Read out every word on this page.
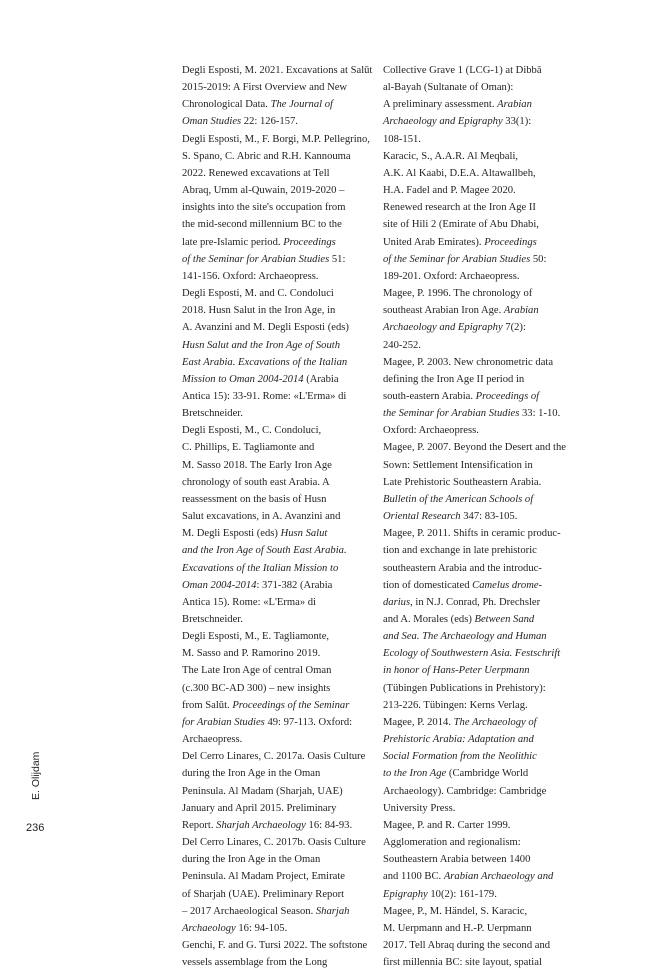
Degli Esposti, M. 2021. Excavations at Salūt
2015-2019: A First Overview and New
Chronological Data. The Journal of
Oman Studies 22: 126-157.
Degli Esposti, M., F. Borgi, M.P. Pellegrino,
S. Spano, C. Abric and R.H. Kannouma
2022. Renewed excavations at Tell
Abraq, Umm al-Quwain, 2019-2020 –
insights into the site's occupation from
the mid-second millennium BC to the
late pre-Islamic period. Proceedings
of the Seminar for Arabian Studies 51:
141-156. Oxford: Archaeopress.
Degli Esposti, M. and C. Condoluci
2018. Husn Salut in the Iron Age, in
A. Avanzini and M. Degli Esposti (eds)
Husn Salut and the Iron Age of South
East Arabia. Excavations of the Italian
Mission to Oman 2004-2014 (Arabia
Antica 15): 33-91. Rome: «L'Erma» di
Bretschneider.
Degli Esposti, M., C. Condoluci,
C. Phillips, E. Tagliamonte and
M. Sasso 2018. The Early Iron Age
chronology of south east Arabia. A
reassessment on the basis of Husn
Salut excavations, in A. Avanzini and
M. Degli Esposti (eds) Husn Salut
and the Iron Age of South East Arabia.
Excavations of the Italian Mission to
Oman 2004-2014: 371-382 (Arabia
Antica 15). Rome: «L'Erma» di
Bretschneider.
Degli Esposti, M., E. Tagliamonte,
M. Sasso and P. Ramorino 2019.
The Late Iron Age of central Oman
(c.300 BC-AD 300) – new insights
from Salūt. Proceedings of the Seminar
for Arabian Studies 49: 97-113. Oxford:
Archaeopress.
Del Cerro Linares, C. 2017a. Oasis Culture
during the Iron Age in the Oman
Peninsula. Al Madam (Sharjah, UAE)
January and April 2015. Preliminary
Report. Sharjah Archaeology 16: 84-93.
Del Cerro Linares, C. 2017b. Oasis Culture
during the Iron Age in the Oman
Peninsula. Al Madam Project, Emirate
of Sharjah (UAE). Preliminary Report
– 2017 Archaeological Season. Sharjah
Archaeology 16: 94-105.
Genchi, F. and G. Tursi 2022. The softstone
vessels assemblage from the Long
Collective Grave 1 (LCG-1) at Dibbā
al-Bayah (Sultanate of Oman):
A preliminary assessment. Arabian
Archaeology and Epigraphy 33(1):
108-151.
Karacic, S., A.A.R. Al Meqbali,
A.K. Al Kaabi, D.E.A. Altawallbeh,
H.A. Fadel and P. Magee 2020.
Renewed research at the Iron Age II
site of Hili 2 (Emirate of Abu Dhabi,
United Arab Emirates). Proceedings
of the Seminar for Arabian Studies 50:
189-201. Oxford: Archaeopress.
Magee, P. 1996. The chronology of
southeast Arabian Iron Age. Arabian
Archaeology and Epigraphy 7(2):
240-252.
Magee, P. 2003. New chronometric data
defining the Iron Age II period in
south-eastern Arabia. Proceedings of
the Seminar for Arabian Studies 33: 1-10.
Oxford: Archaeopress.
Magee, P. 2007. Beyond the Desert and the
Sown: Settlement Intensification in
Late Prehistoric Southeastern Arabia.
Bulletin of the American Schools of
Oriental Research 347: 83-105.
Magee, P. 2011. Shifts in ceramic produc-
tion and exchange in late prehistoric
southeastern Arabia and the introduc-
tion of domesticated Camelus drome-
darius, in N.J. Conrad, Ph. Drechsler
and A. Morales (eds) Between Sand
and Sea. The Archaeology and Human
Ecology of Southwestern Asia. Festschrift
in honor of Hans-Peter Uerpmann
(Tübingen Publications in Prehistory):
213-226. Tübingen: Kerns Verlag.
Magee, P. 2014. The Archaeology of
Prehistoric Arabia: Adaptation and
Social Formation from the Neolithic
to the Iron Age (Cambridge World
Archaeology). Cambridge: Cambridge
University Press.
Magee, P. and R. Carter 1999.
Agglomeration and regionalism:
Southeastern Arabia between 1400
and 1100 BC. Arabian Archaeology and
Epigraphy 10(2): 161-179.
Magee, P., M. Händel, S. Karacic,
M. Uerpmann and H.-P. Uerpmann
2017. Tell Abraq during the second and
first millennia BC: site layout, spatial
E. Olijdam
236
